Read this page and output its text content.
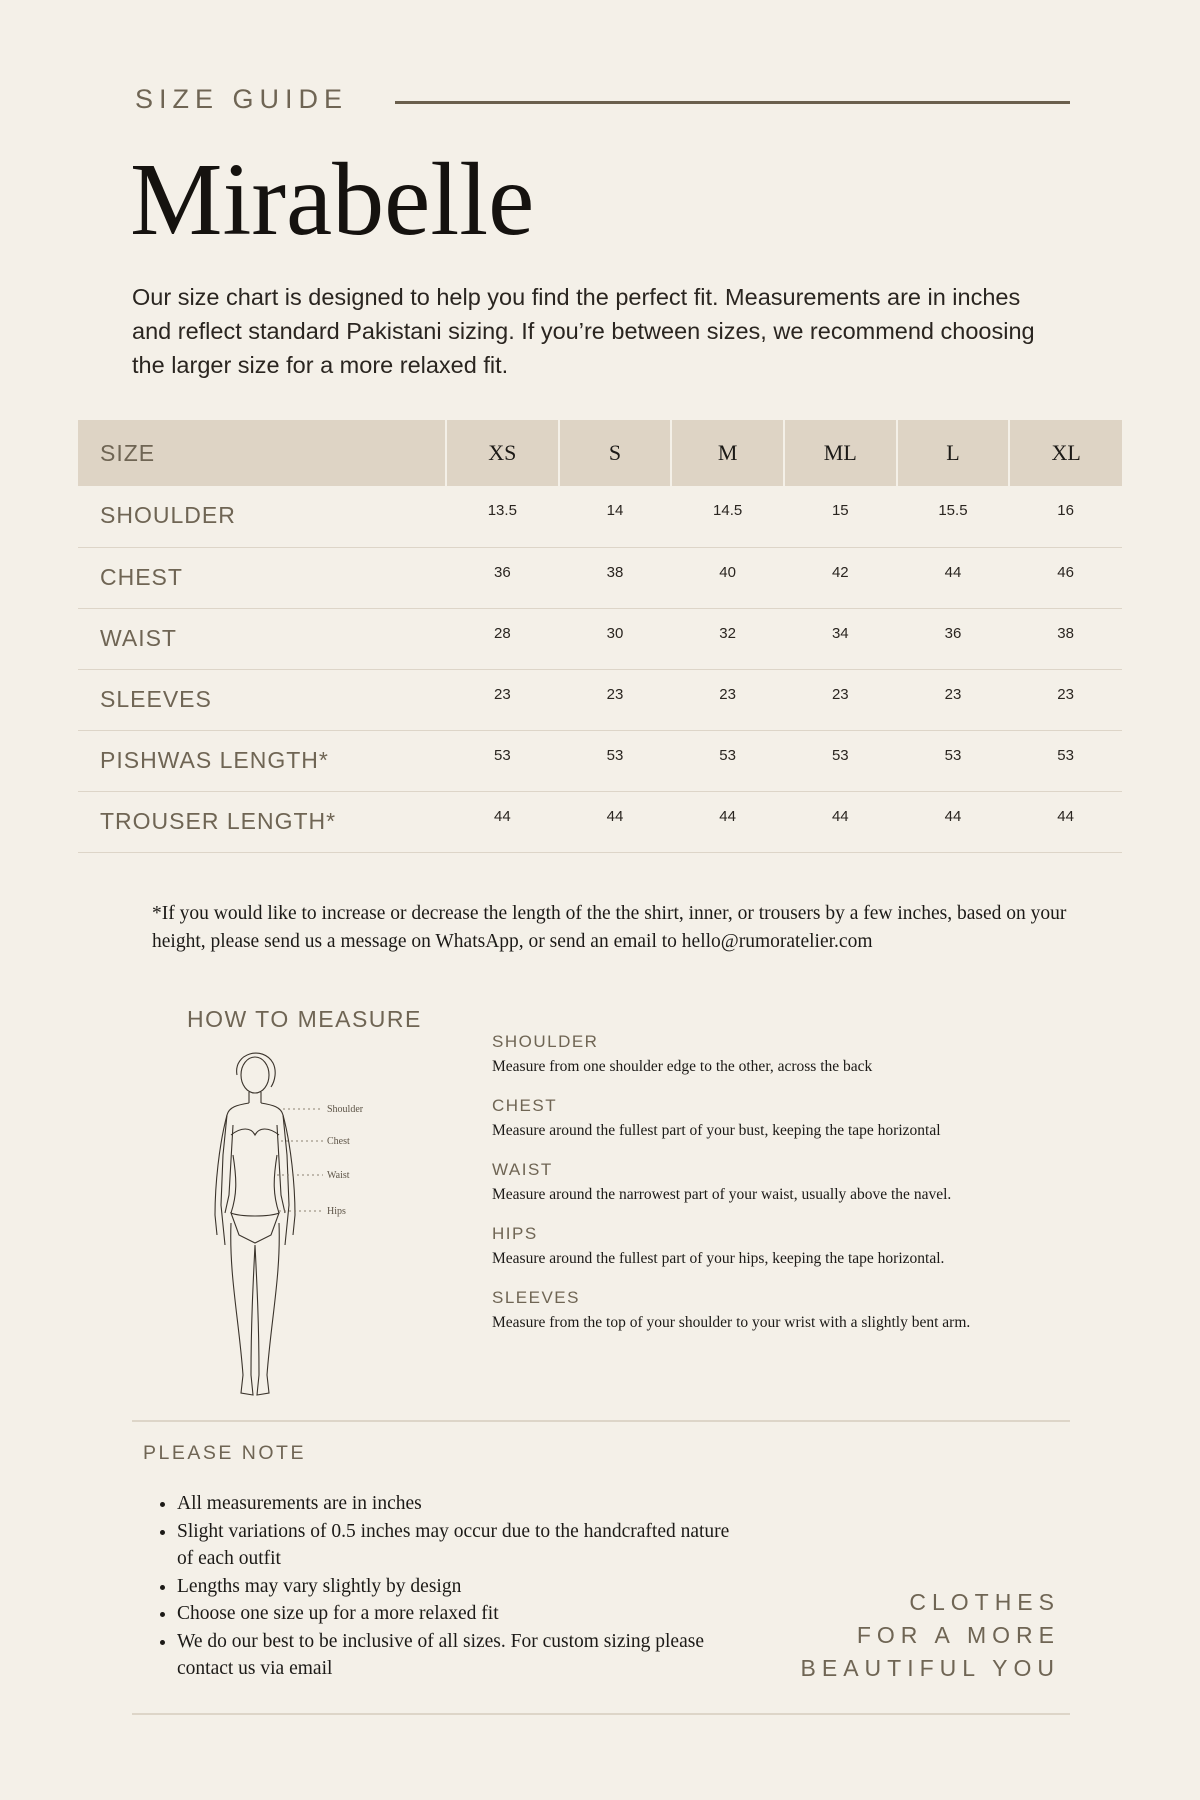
SIZE GUIDE
Mirabelle
Our size chart is designed to help you find the perfect fit. Measurements are in inches and reflect standard Pakistani sizing. If you’re between sizes, we recommend choosing the larger size for a more relaxed fit.
SIZE	XS	S	M	ML	L	XL
SHOULDER	13.5	14	14.5	15	15.5	16
CHEST	36	38	40	42	44	46
WAIST	28	30	32	34	36	38
SLEEVES	23	23	23	23	23	23
PISHWAS LENGTH*	53	53	53	53	53	53
TROUSER LENGTH*	44	44	44	44	44	44
*If you would like to increase or decrease the length of the the shirt, inner, or trousers by a few inches, based on your height, please send us a message on WhatsApp, or send an email to hello@rumoratelier.com
HOW TO MEASURE
Shoulder
Chest
Waist
Hips
SHOULDER
Measure from one shoulder edge to the other, across the back
CHEST
Measure around the fullest part of your bust, keeping the tape horizontal
WAIST
Measure around the narrowest part of your waist, usually above the navel.
HIPS
Measure around the fullest part of your hips, keeping the tape horizontal.
SLEEVES
Measure from the top of your shoulder to your wrist with a slightly bent arm.
PLEASE NOTE
• All measurements are in inches
• Slight variations of 0.5 inches may occur due to the handcrafted nature of each outfit
• Lengths may vary slightly by design
• Choose one size up for a more relaxed fit
• We do our best to be inclusive of all sizes. For custom sizing please contact us via email
CLOTHES
FOR A MORE
BEAUTIFUL YOU
